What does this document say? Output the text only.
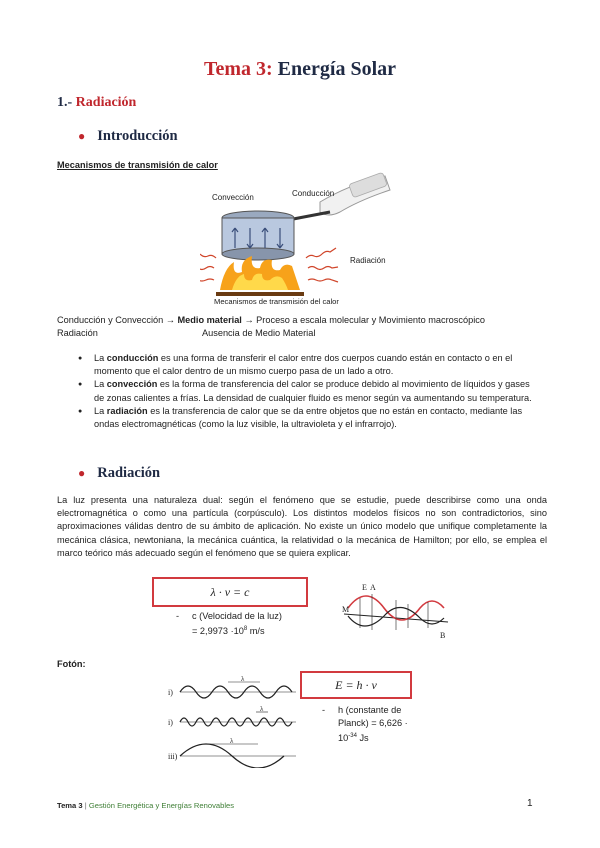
Tema 3: Energía Solar
1.- Radiación
● Introducción
Mecanismos de transmisión de calor
Convección	Conducción
Radiación
Mecanismos de transmisión del calor
Conducción y Convección → Medio material → Proceso a escala molecular y Movimiento macroscópico
Radiación	Ausencia de Medio Material
● La conducción es una forma de transferir el calor entre dos cuerpos cuando están en contacto o en el momento que el calor dentro de un mismo cuerpo pasa de un lado a otro.
● La convección es la forma de transferencia del calor se produce debido al movimiento de líquidos y gases de zonas calientes a frías. La densidad de cualquier fluido es menor según va aumentando su temperatura.
● La radiación es la transferencia de calor que se da entre objetos que no están en contacto, mediante las ondas electromagnéticas (como la luz visible, la ultravioleta y el infrarrojo).
● Radiación
La luz presenta una naturaleza dual: según el fenómeno que se estudie, puede describirse como una onda electromagnética o como una partícula (corpúsculo). Los distintos modelos físicos no son contradictorios, sino aproximaciones válidas dentro de su ámbito de aplicación. No existe un único modelo que unifique completamente la mecánica clásica, newtoniana, la mecánica cuántica, la relatividad o la mecánica de Hamilton; por ello, se emplea el marco teórico más adecuado según el fenómeno que se quiera explicar.
λ · v = c
- c (Velocidad de la luz)
= $2,9973 \cdot 10^8$ m/s
E A
M
B
Fotón:
i)
i)
iii)
λ
λ
λ
E = h · v
- h (constante de
Planck) = 6,626 ·
$10^{-34}$ Js
Tema 3 | Gestión Energética y Energías Renovables	1
